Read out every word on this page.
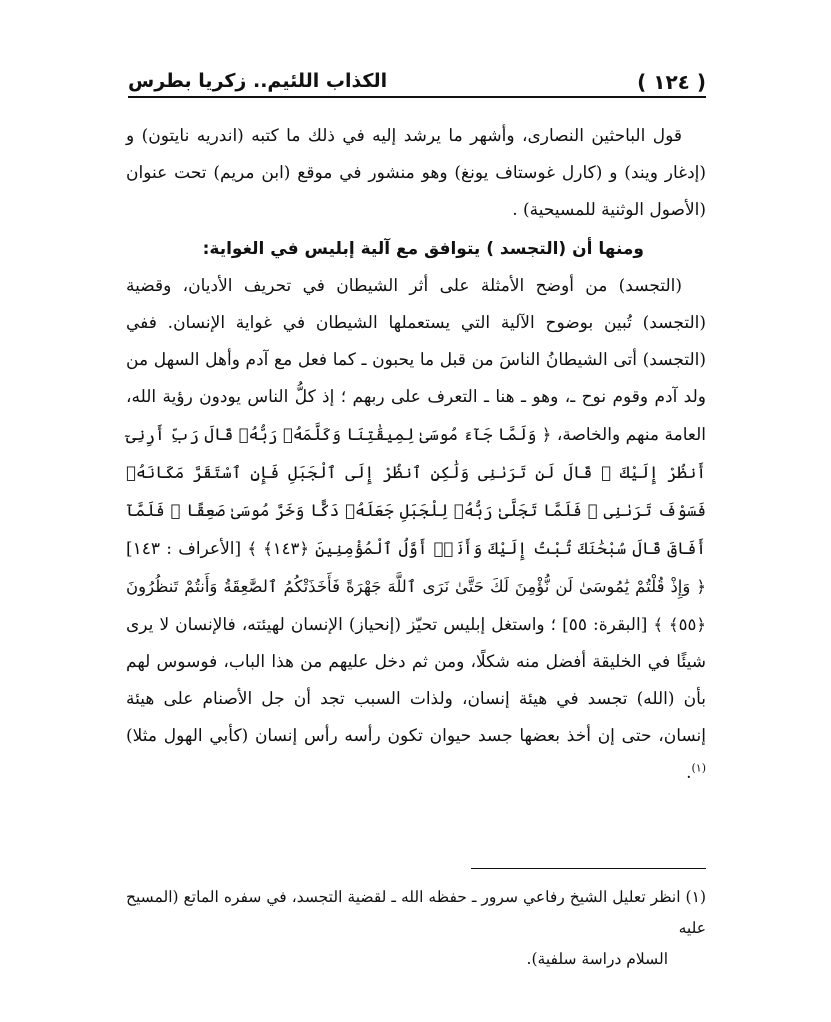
( ١٢٤ )
الكذاب اللئيم.. زكريا بطرس

قول الباحثين النصارى، وأشهر ما يرشد إليه في ذلك ما كتبه (اندريه نايتون) و (إدغار ويند) و (كارل غوستاف يونغ) وهو منشور في موقع (ابن مريم) تحت عنوان (الأصول الوثنية للمسيحية) .

ومنها أن (التجسد ) يتوافق مع آلية إبليس في الغواية:

(التجسد) من أوضح الأمثلة على أثر الشيطان في تحريف الأديان، وقضية (التجسد) تُبين بوضوح الآلية التي يستعملها الشيطان في غواية الإنسان. ففي (التجسد) أتى الشيطانُ الناسَ من قبل ما يحبون ـ كما فعل مع آدم وأهل السهل من ولد آدم وقوم نوح ـ، وهو ـ هنا ـ التعرف على ربهم ؛ إذ كلُّ الناس يودون رؤية الله، العامة منهم والخاصة، ﴿ وَلَمَّا جَآءَ مُوسَىٰ لِمِيقَٰتِنَا وَكَلَّمَهُۥ رَبُّهُۥ قَالَ رَبِّ أَرِنِىٓ أَنظُرْ إِلَيْكَ ۚ قَالَ لَن تَرَىٰنِى وَلَٰكِنِ ٱنظُرْ إِلَى ٱلْجَبَلِ فَإِنِ ٱسْتَقَرَّ مَكَانَهُۥ فَسَوْفَ تَرَىٰنِى ۚ فَلَمَّا تَجَلَّىٰ رَبُّهُۥ لِلْجَبَلِ جَعَلَهُۥ دَكًّا وَخَرَّ مُوسَىٰ صَعِقًا ۚ فَلَمَّآ أَفَاقَ قَالَ سُبْحَٰنَكَ تُبْتُ إِلَيْكَ وَأَنَا۠ أَوَّلُ ٱلْمُؤْمِنِينَ ﴿١٤٣﴾ ﴾ [الأعراف : ١٤٣] ﴿ وَإِذْ قُلْتُمْ يَٰمُوسَىٰ لَن نُّؤْمِنَ لَكَ حَتَّىٰ نَرَى ٱللَّهَ جَهْرَةً فَأَخَذَتْكُمُ ٱلصَّٰعِقَةُ وَأَنتُمْ تَنظُرُونَ ﴿٥٥﴾ ﴾ [البقرة: ٥٥] ؛ واستغل إبليس تحيّز (إنحياز) الإنسان لهيئته، فالإنسان لا يرى شيئًا في الخليقة أفضل منه شكلًا، ومن ثم دخل عليهم من هذا الباب، فوسوس لهم بأن (الله) تجسد في هيئة إنسان، ولذات السبب تجد أن جل الأصنام على هيئة إنسان، حتى إن أخذ بعضها جسد حيوان تكون رأسه رأس إنسان (كأبي الهول مثلا)$^{(١)}$.

(١) انظر تعليل الشيخ رفاعي سرور ـ حفظه الله ـ لقضية التجسد، في سفره الماتع (المسيح عليه

السلام دراسة سلفية).
